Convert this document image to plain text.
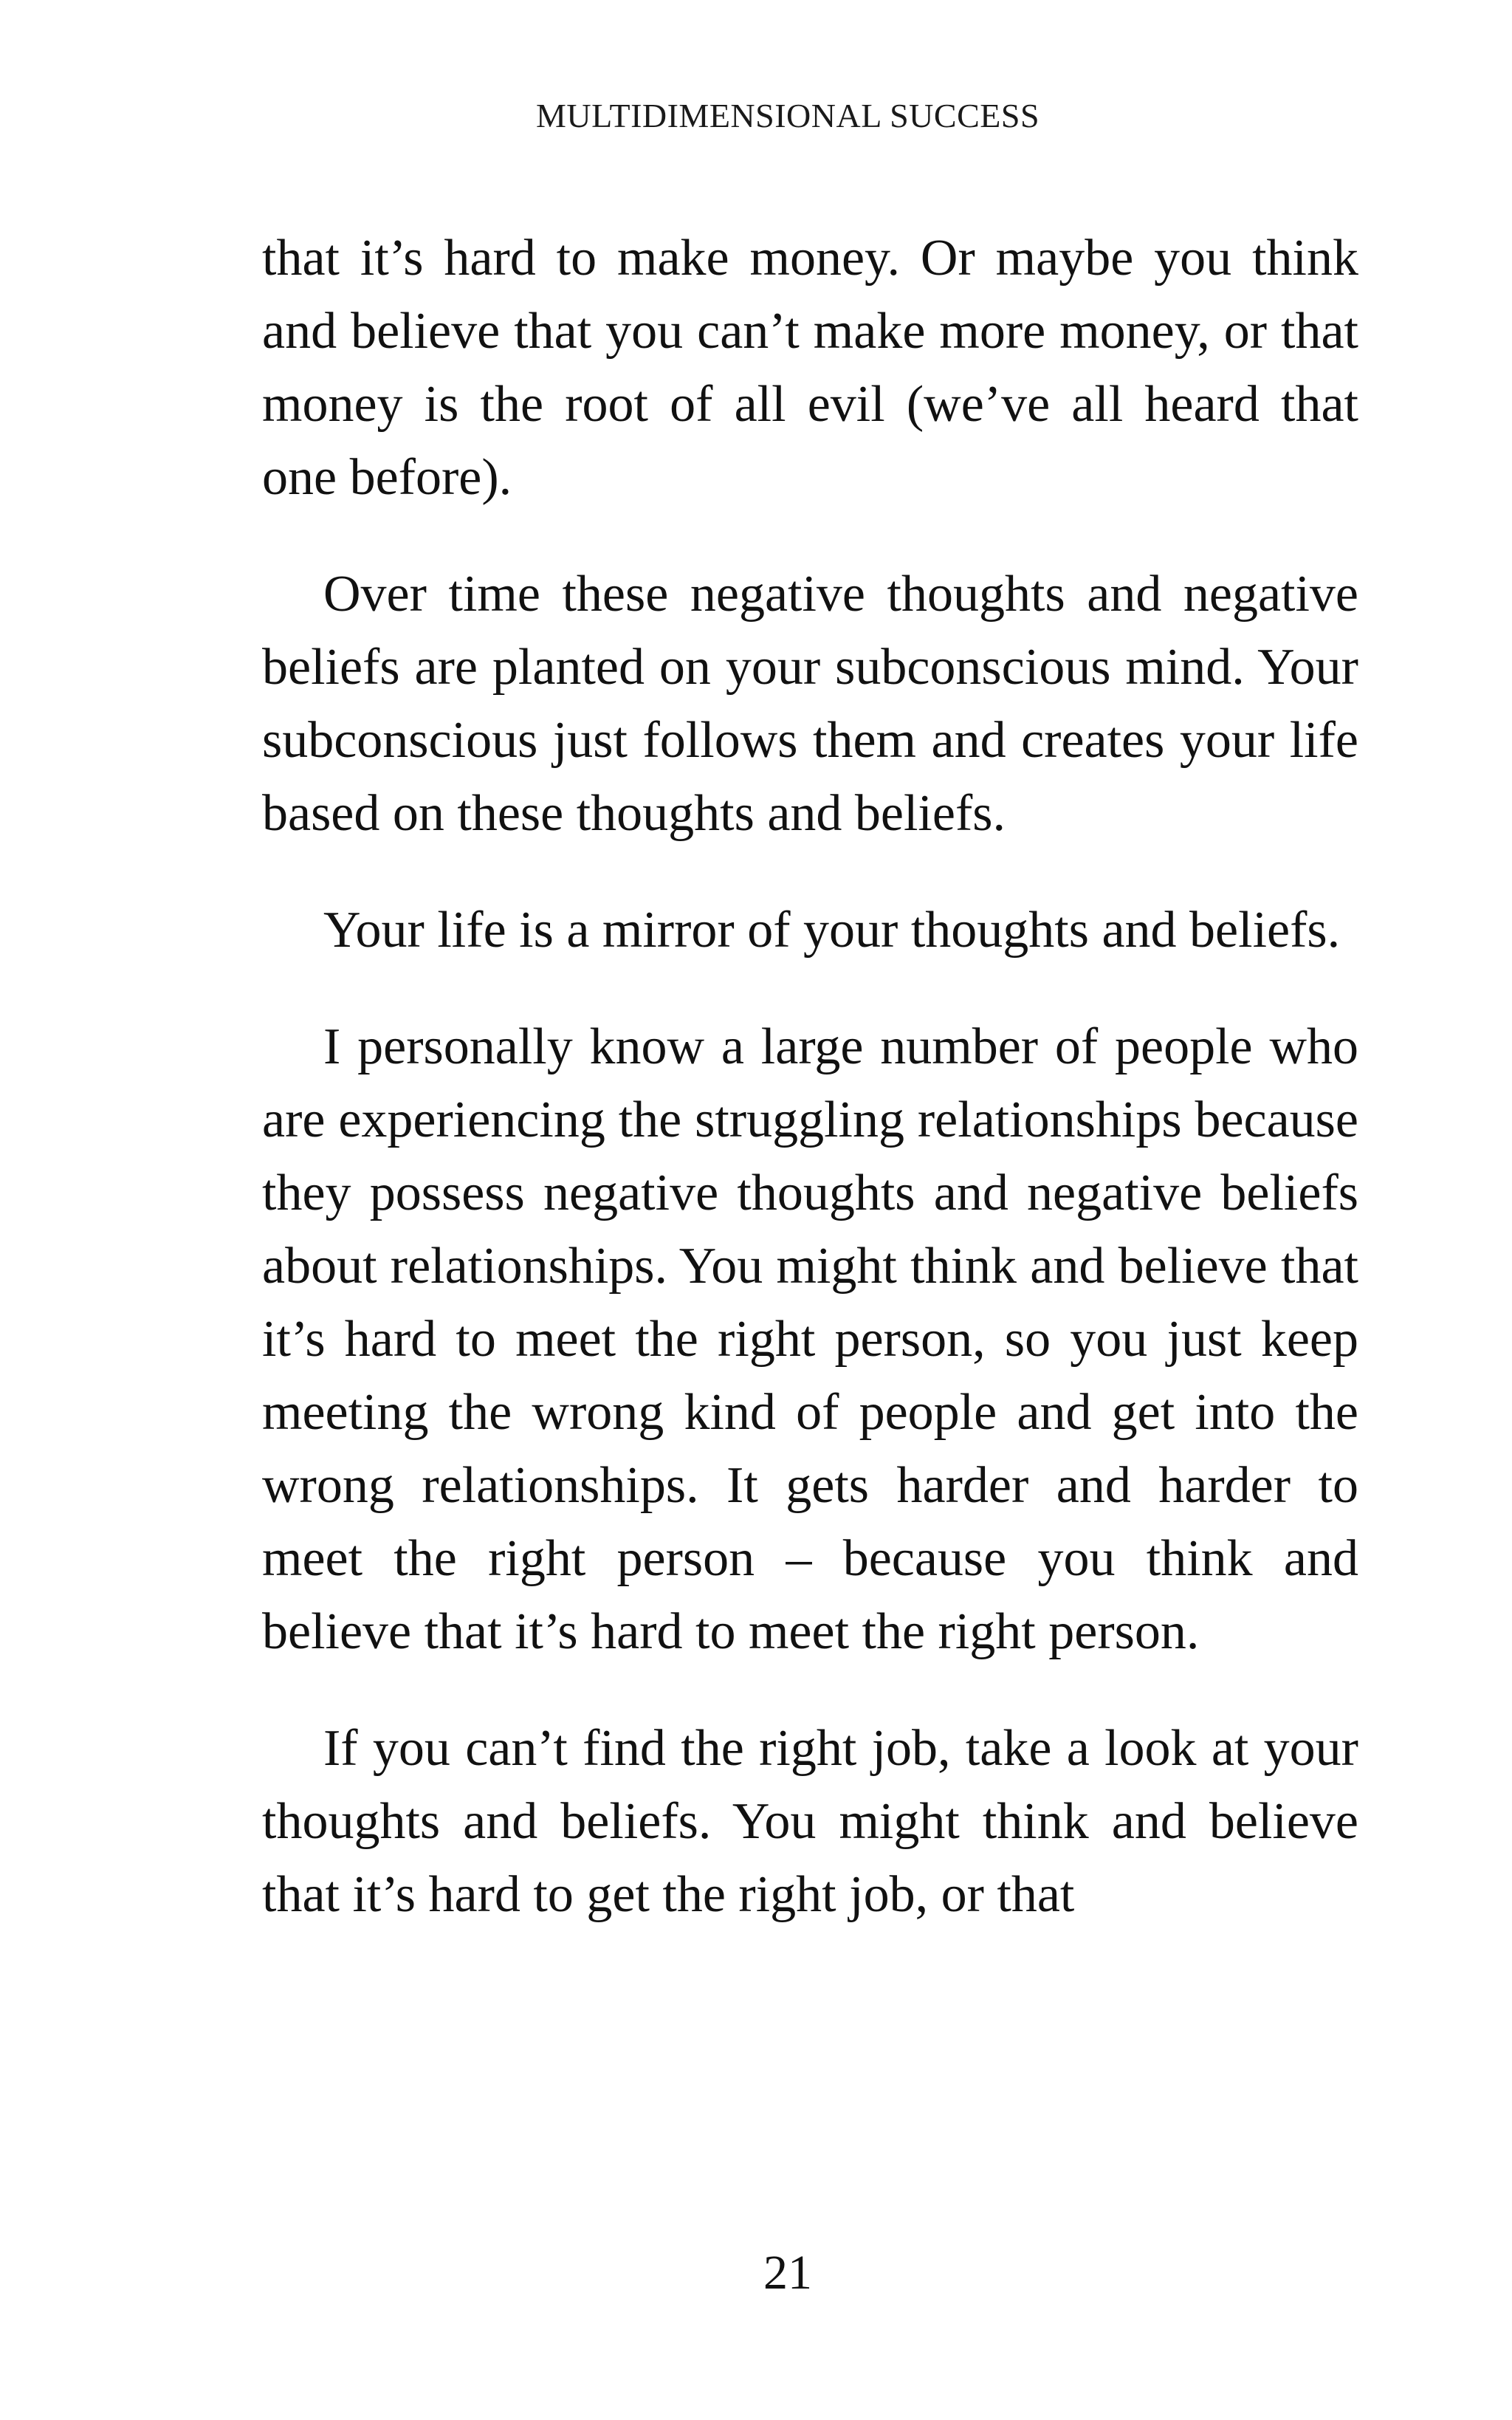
MULTIDIMENSIONAL SUCCESS

that it’s hard to make money. Or maybe you think and believe that you can’t make more money, or that money is the root of all evil (we’ve all heard that one before).

Over time these negative thoughts and negative beliefs are planted on your subconscious mind. Your subconscious just follows them and creates your life based on these thoughts and beliefs.

Your life is a mirror of your thoughts and beliefs.

I personally know a large number of people who are experiencing the struggling relationships because they possess negative thoughts and negative beliefs about relationships. You might think and believe that it’s hard to meet the right person, so you just keep meeting the wrong kind of people and get into the wrong relationships. It gets harder and harder to meet the right person – because you think and believe that it’s hard to meet the right person.

If you can’t find the right job, take a look at your thoughts and beliefs. You might think and believe that it’s hard to get the right job, or that

21
